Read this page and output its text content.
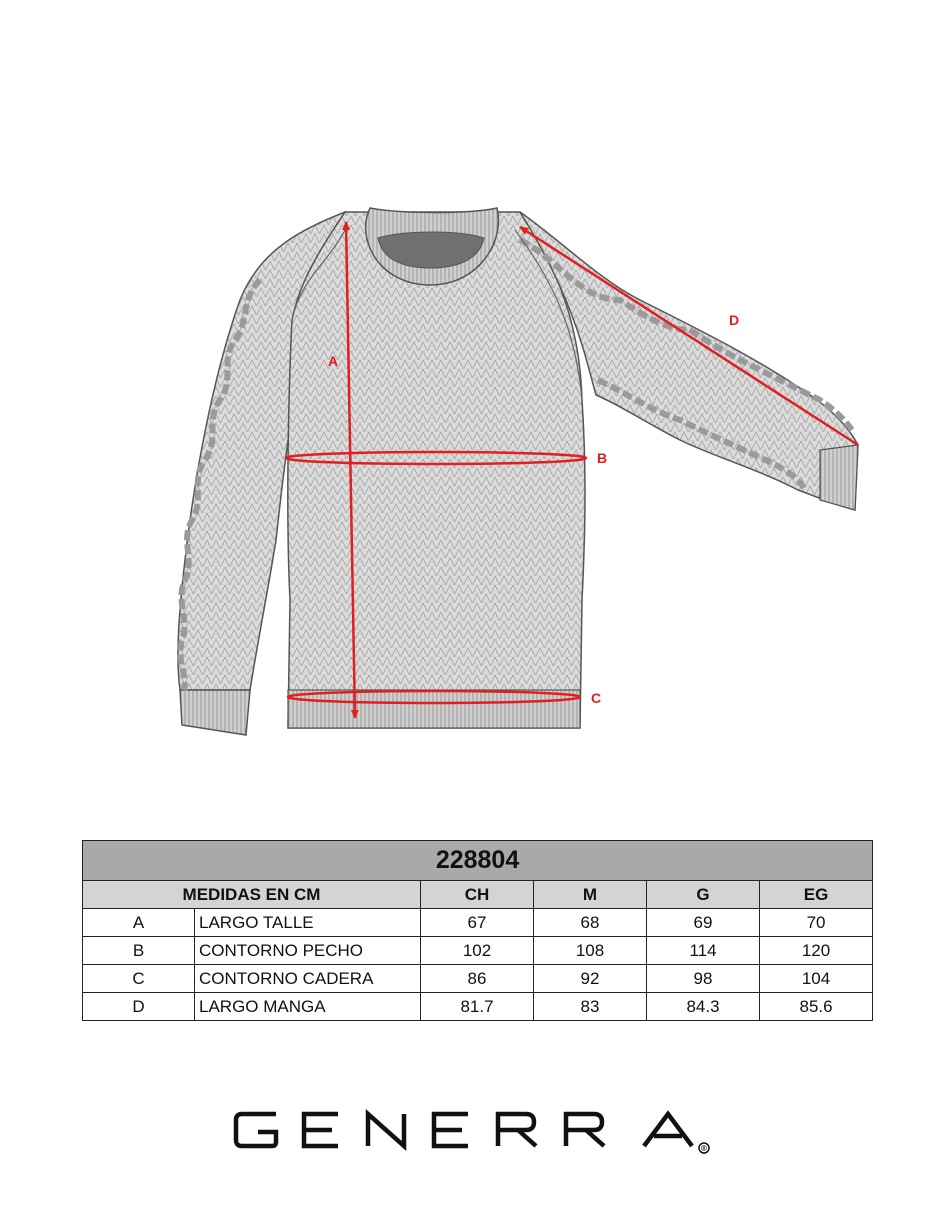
A
B
C
D
228804					
MEDIDAS EN CM		CH	M	G	EG
A	LARGO TALLE	67	68	69	70
B	CONTORNO PECHO	102	108	114	120
C	CONTORNO CADERA	86	92	98	104
D	LARGO MANGA	81.7	83	84.3	85.6
®
